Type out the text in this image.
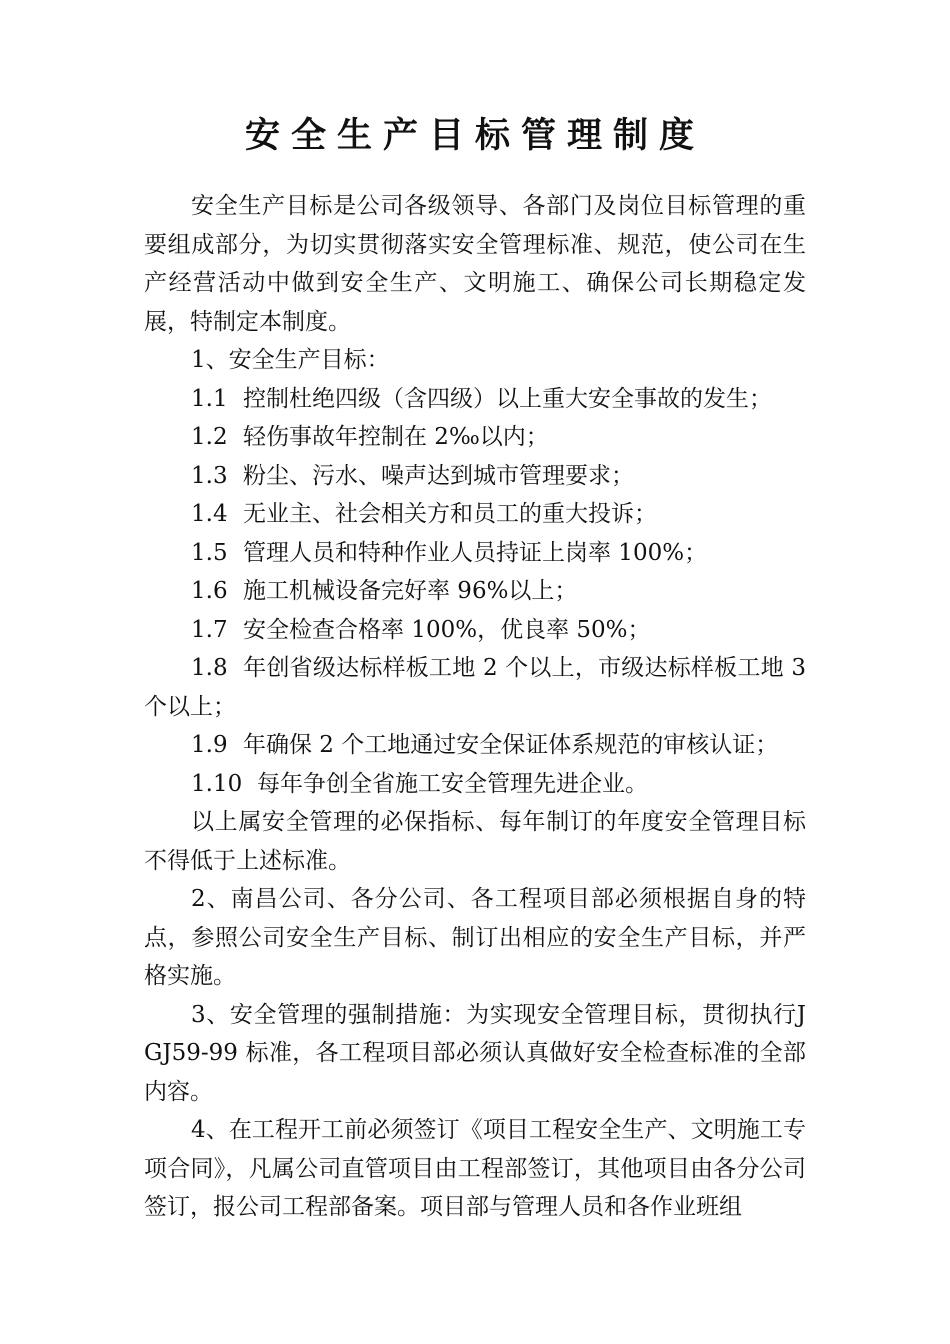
安全生产目标管理制度

安全生产目标是公司各级领导、各部门及岗位目标管理的重要组成部分，为切实贯彻落实安全管理标准、规范，使公司在生产经营活动中做到安全生产、文明施工、确保公司长期稳定发展，特制定本制度。

1、安全生产目标：

1.1 控制杜绝四级（含四级）以上重大安全事故的发生；

1.2 轻伤事故年控制在 2‰以内；

1.3 粉尘、污水、噪声达到城市管理要求；

1.4 无业主、社会相关方和员工的重大投诉；

1.5 管理人员和特种作业人员持证上岗率 100%；

1.6 施工机械设备完好率 96%以上；

1.7 安全检查合格率 100%，优良率 50%；

1.8 年创省级达标样板工地 2 个以上，市级达标样板工地 3 个以上；

1.9 年确保 2 个工地通过安全保证体系规范的审核认证；

1.10 每年争创全省施工安全管理先进企业。

以上属安全管理的必保指标、每年制订的年度安全管理目标不得低于上述标准。

2、南昌公司、各分公司、各工程项目部必须根据自身的特点，参照公司安全生产目标、制订出相应的安全生产目标，并严格实施。

3、安全管理的强制措施：为实现安全管理目标，贯彻执行JGJ59-99 标准，各工程项目部必须认真做好安全检查标准的全部内容。

4、在工程开工前必须签订《项目工程安全生产、文明施工专项合同》，凡属公司直管项目由工程部签订，其他项目由各分公司签订，报公司工程部备案。项目部与管理人员和各作业班组
